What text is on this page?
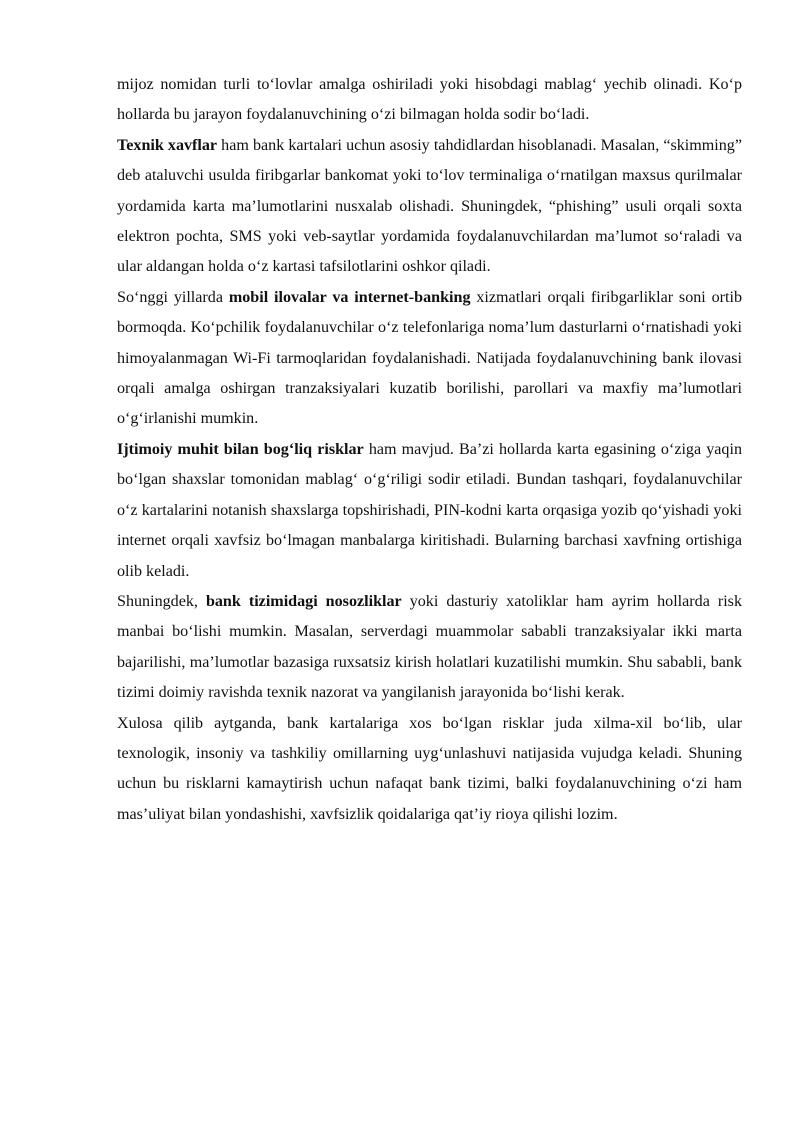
mijoz nomidan turli to‘lovlar amalga oshiriladi yoki hisobdagi mablag‘ yechib olinadi. Ko‘p hollarda bu jarayon foydalanuvchining o‘zi bilmagan holda sodir bo‘ladi.

Texnik xavflar ham bank kartalari uchun asosiy tahdidlardan hisoblanadi. Masalan, “skimming” deb ataluvchi usulda firibgarlar bankomat yoki to‘lov terminaliga o‘rnatilgan maxsus qurilmalar yordamida karta ma’lumotlarini nusxalab olishadi. Shuningdek, “phishing” usuli orqali soxta elektron pochta, SMS yoki veb-saytlar yordamida foydalanuvchilardan ma’lumot so‘raladi va ular aldangan holda o‘z kartasi tafsilotlarini oshkor qiladi.

So‘nggi yillarda mobil ilovalar va internet-banking xizmatlari orqali firibgarliklar soni ortib bormoqda. Ko‘pchilik foydalanuvchilar o‘z telefonlariga noma’lum dasturlarni o‘rnatishadi yoki himoyalanmagan Wi-Fi tarmoqlaridan foydalanishadi. Natijada foydalanuvchining bank ilovasi orqali amalga oshirgan tranzaksiyalari kuzatib borilishi, parollari va maxfiy ma’lumotlari o‘g‘irlanishi mumkin.

Ijtimoiy muhit bilan bog‘liq risklar ham mavjud. Ba’zi hollarda karta egasining o‘ziga yaqin bo‘lgan shaxslar tomonidan mablag‘ o‘g‘riligi sodir etiladi. Bundan tashqari, foydalanuvchilar o‘z kartalarini notanish shaxslarga topshirishadi, PIN-kodni karta orqasiga yozib qo‘yishadi yoki internet orqali xavfsiz bo‘lmagan manbalarga kiritishadi. Bularning barchasi xavfning ortishiga olib keladi.

Shuningdek, bank tizimidagi nosozliklar yoki dasturiy xatoliklar ham ayrim hollarda risk manbai bo‘lishi mumkin. Masalan, serverdagi muammolar sababli tranzaksiyalar ikki marta bajarilishi, ma’lumotlar bazasiga ruxsatsiz kirish holatlari kuzatilishi mumkin. Shu sababli, bank tizimi doimiy ravishda texnik nazorat va yangilanish jarayonida bo‘lishi kerak.

Xulosa qilib aytganda, bank kartalariga xos bo‘lgan risklar juda xilma-xil bo‘lib, ular texnologik, insoniy va tashkiliy omillarning uyg‘unlashuvi natijasida vujudga keladi. Shuning uchun bu risklarni kamaytirish uchun nafaqat bank tizimi, balki foydalanuvchining o‘zi ham mas’uliyat bilan yondashishi, xavfsizlik qoidalariga qat’iy rioya qilishi lozim.
